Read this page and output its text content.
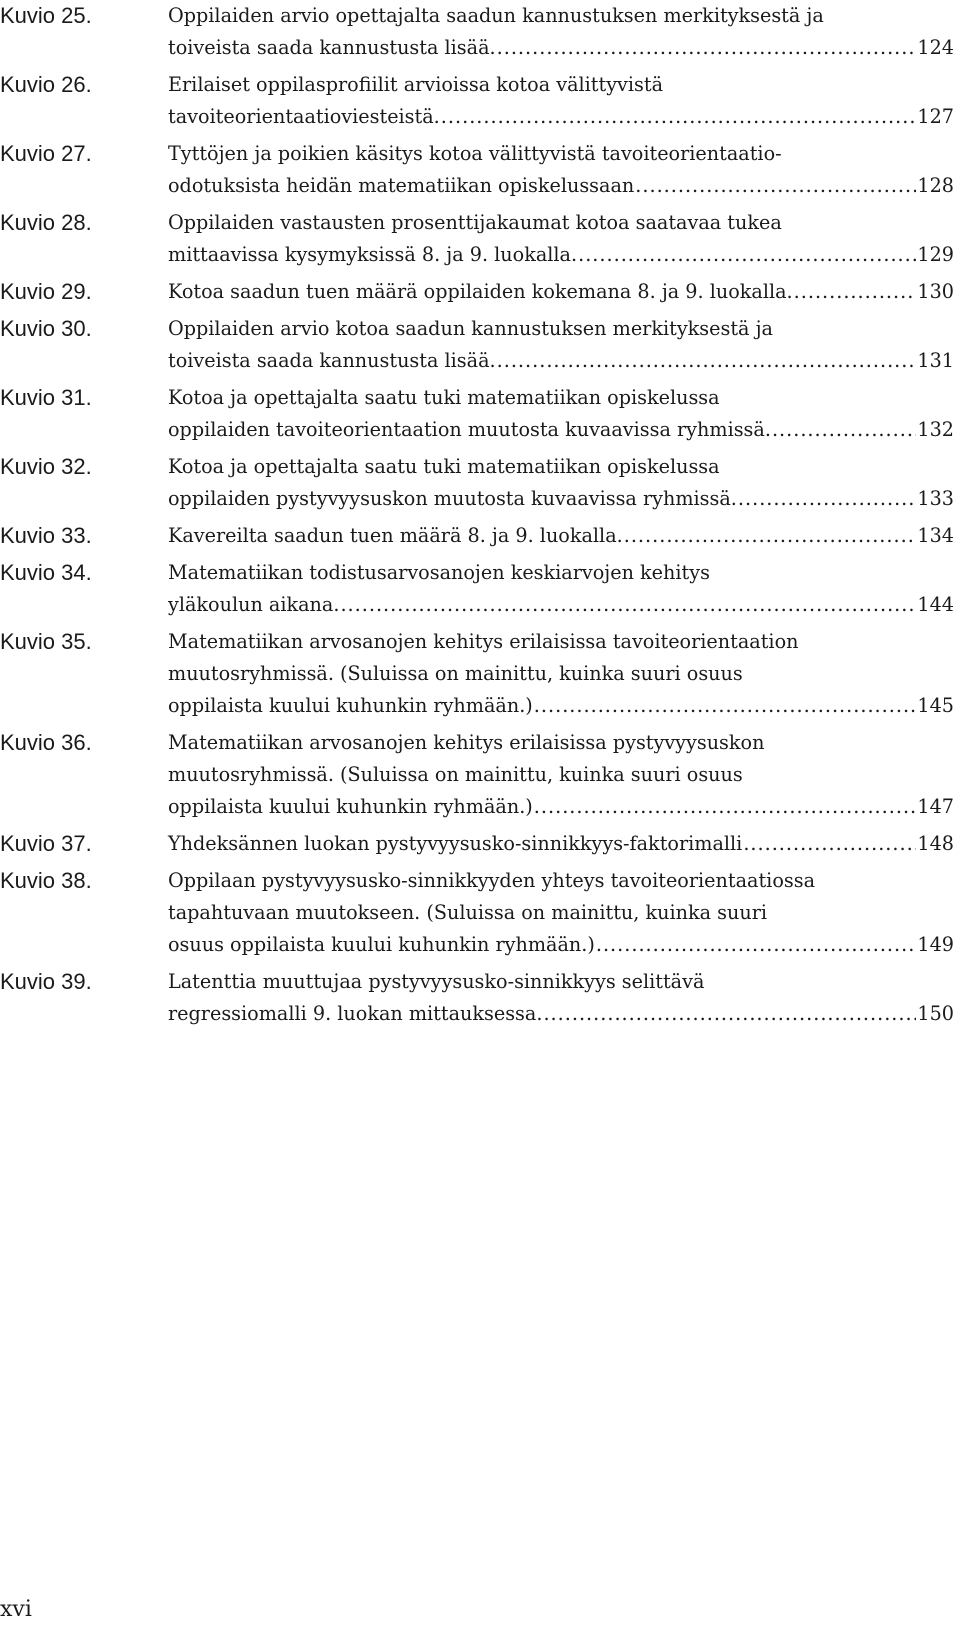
Kuvio 25.	Oppilaiden arvio opettajalta saadun kannustuksen merkityksestä ja
toiveista saada kannustusta lisää. .....	124
Kuvio 26.	Erilaiset oppilasprofiilit arvioissa kotoa välittyvistä
tavoiteorientaatioviesteistä. .....	127
Kuvio 27.	Tyttöjen ja poikien käsitys kotoa välittyvistä tavoiteorientaatio-
odotuksista heidän matematiikan opiskelussaan .....	128
Kuvio 28.	Oppilaiden vastausten prosenttijakaumat kotoa saatavaa tukea
mittaavissa kysymyksissä 8. ja 9. luokalla. .....	129
Kuvio 29.	Kotoa saadun tuen määrä oppilaiden kokemana 8. ja 9. luokalla. .....	130
Kuvio 30.	Oppilaiden arvio kotoa saadun kannustuksen merkityksestä ja
toiveista saada kannustusta lisää. .....	131
Kuvio 31.	Kotoa ja opettajalta saatu tuki matematiikan opiskelussa
oppilaiden tavoiteorientaation muutosta kuvaavissa ryhmissä. .....	132
Kuvio 32.	Kotoa ja opettajalta saatu tuki matematiikan opiskelussa
oppilaiden pystyvyysuskon muutosta kuvaavissa ryhmissä. .....	133
Kuvio 33.	Kavereilta saadun tuen määrä 8. ja 9. luokalla. .....	134
Kuvio 34.	Matematiikan todistusarvosanojen keskiarvojen kehitys
yläkoulun aikana. .....	144
Kuvio 35.	Matematiikan arvosanojen kehitys erilaisissa tavoiteorientaation
muutosryhmissä. (Suluissa on mainittu, kuinka suuri osuus
oppilaista kuului kuhunkin ryhmään.) .....	145
Kuvio 36.	Matematiikan arvosanojen kehitys erilaisissa pystyvyysuskon
muutosryhmissä. (Suluissa on mainittu, kuinka suuri osuus
oppilaista kuului kuhunkin ryhmään.) .....	147
Kuvio 37.	Yhdeksännen luokan pystyvyysusko-sinnikkyys-faktorimalli .....	148
Kuvio 38.	Oppilaan pystyvyysusko-sinnikkyyden yhteys tavoiteorientaatiossa
tapahtuvaan muutokseen. (Suluissa on mainittu, kuinka suuri
osuus oppilaista kuului kuhunkin ryhmään.) .....	149
Kuvio 39.	Latenttia muuttujaa pystyvyysusko-sinnikkyys selittävä
regressiomalli 9. luokan mittauksessa. .....	150
xvi
